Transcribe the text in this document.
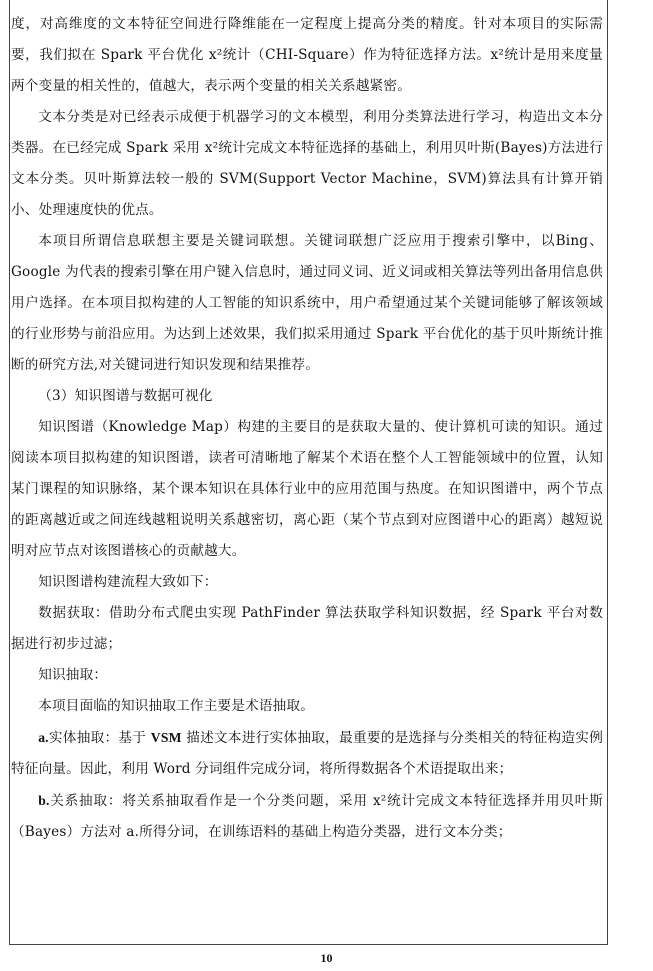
度，对高维度的文本特征空间进行降维能在一定程度上提高分类的精度。针对本项目的实际需要，我们拟在 Spark 平台优化 x²统计（CHI-Square）作为特征选择方法。x²统计是用来度量两个变量的相关性的，值越大，表示两个变量的相关关系越紧密。

文本分类是对已经表示成便于机器学习的文本模型，利用分类算法进行学习，构造出文本分类器。在已经完成 Spark 采用 x²统计完成文本特征选择的基础上，利用贝叶斯(Bayes)方法进行文本分类。贝叶斯算法较一般的 SVM(Support Vector Machine，SVM)算法具有计算开销小、处理速度快的优点。

本项目所谓信息联想主要是关键词联想。关键词联想广泛应用于搜索引擎中，以Bing、Google 为代表的搜索引擎在用户键入信息时，通过同义词、近义词或相关算法等列出备用信息供用户选择。在本项目拟构建的人工智能的知识系统中，用户希望通过某个关键词能够了解该领域的行业形势与前沿应用。为达到上述效果，我们拟采用通过 Spark 平台优化的基于贝叶斯统计推断的研究方法,对关键词进行知识发现和结果推荐。

（3）知识图谱与数据可视化

知识图谱（Knowledge Map）构建的主要目的是获取大量的、使计算机可读的知识。通过阅读本项目拟构建的知识图谱，读者可清晰地了解某个术语在整个人工智能领域中的位置，认知某门课程的知识脉络，某个课本知识在具体行业中的应用范围与热度。在知识图谱中，两个节点的距离越近或之间连线越粗说明关系越密切，离心距（某个节点到对应图谱中心的距离）越短说明对应节点对该图谱核心的贡献越大。

知识图谱构建流程大致如下：

数据获取：借助分布式爬虫实现 PathFinder 算法获取学科知识数据，经 Spark 平台对数据进行初步过滤；

知识抽取：

本项目面临的知识抽取工作主要是术语抽取。

a.实体抽取：基于 VSM 描述文本进行实体抽取，最重要的是选择与分类相关的特征构造实例特征向量。因此，利用 Word 分词组件完成分词，将所得数据各个术语提取出来；

b.关系抽取：将关系抽取看作是一个分类问题，采用 x²统计完成文本特征选择并用贝叶斯 （Bayes）方法对 a.所得分词，在训练语料的基础上构造分类器，进行文本分类；

10
